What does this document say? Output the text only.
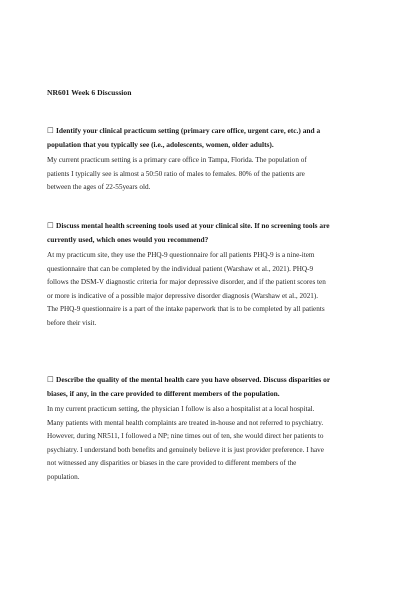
NR601 Week 6 Discussion

☐ Identify your clinical practicum setting (primary care office, urgent care, etc.) and a
population that you typically see (i.e., adolescents, women, older adults).

My current practicum setting is a primary care office in Tampa, Florida. The population of
patients I typically see is almost a 50:50 ratio of males to females. 80% of the patients are
between the ages of 22-55years old.

☐ Discuss mental health screening tools used at your clinical site. If no screening tools are
currently used, which ones would you recommend?

At my practicum site, they use the PHQ-9 questionnaire for all patients PHQ-9 is a nine-item
questionnaire that can be completed by the individual patient (Warshaw et al., 2021). PHQ-9
follows the DSM-V diagnostic criteria for major depressive disorder, and if the patient scores ten
or more is indicative of a possible major depressive disorder diagnosis (Warshaw et al., 2021).
The PHQ-9 questionnaire is a part of the intake paperwork that is to be completed by all patients
before their visit.

☐ Describe the quality of the mental health care you have observed. Discuss disparities or
biases, if any, in the care provided to different members of the population.

In my current practicum setting, the physician I follow is also a hospitalist at a local hospital.
Many patients with mental health complaints are treated in-house and not referred to psychiatry.
However, during NR511, I followed a NP; nine times out of ten, she would direct her patients to
psychiatry. I understand both benefits and genuinely believe it is just provider preference. I have
not witnessed any disparities or biases in the care provided to different members of the
population.
